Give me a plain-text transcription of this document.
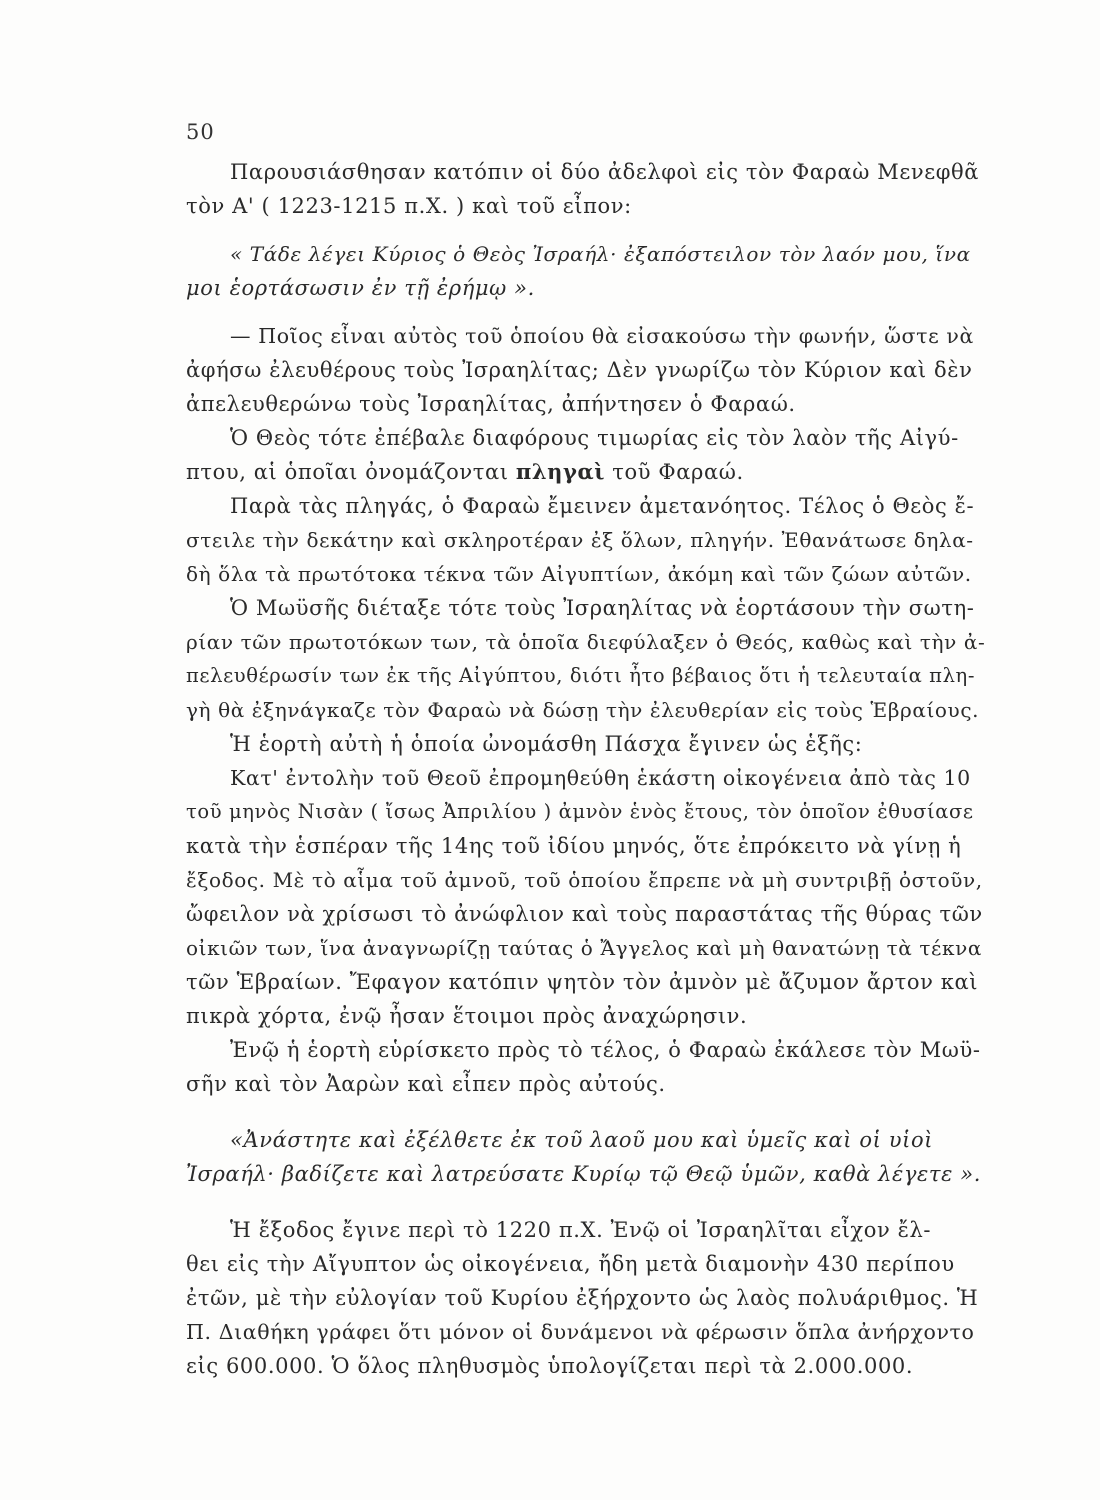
50
Παρουσιάσθησαν κατόπιν οἱ δύο ἀδελφοὶ εἰς τὸν Φαραὼ Μενεφθᾶ
τὸν Α' ( 1223-1215 π.Χ. ) καὶ τοῦ εἶπον:
« Τάδε λέγει Κύριος ὁ Θεὸς Ἰσραήλ· ἐξαπόστειλον τὸν λαόν μου, ἵνα
μοι ἑορτάσωσιν ἐν τῇ ἐρήμῳ ».
— Ποῖος εἶναι αὐτὸς τοῦ ὁποίου θὰ εἰσακούσω τὴν φωνήν, ὥστε νὰ
ἀφήσω ἐλευθέρους τοὺς Ἰσραηλίτας; Δὲν γνωρίζω τὸν Κύριον καὶ δὲν
ἀπελευθερώνω τοὺς Ἰσραηλίτας, ἀπήντησεν ὁ Φαραώ.
Ὁ Θεὸς τότε ἐπέβαλε διαφόρους τιμωρίας εἰς τὸν λαὸν τῆς Αἰγύ-
πτου, αἱ ὁποῖαι ὀνομάζονται πληγαὶ τοῦ Φαραώ.
Παρὰ τὰς πληγάς, ὁ Φαραὼ ἔμεινεν ἀμετανόητος. Τέλος ὁ Θεὸς ἔ-
στειλε τὴν δεκάτην καὶ σκληροτέραν ἐξ ὅλων, πληγήν. Ἐθανάτωσε δηλα-
δὴ ὅλα τὰ πρωτότοκα τέκνα τῶν Αἰγυπτίων, ἀκόμη καὶ τῶν ζώων αὐτῶν.
Ὁ Μωϋσῆς διέταξε τότε τοὺς Ἰσραηλίτας νὰ ἑορτάσουν τὴν σωτη-
ρίαν τῶν πρωτοτόκων των, τὰ ὁποῖα διεφύλαξεν ὁ Θεός, καθὼς καὶ τὴν ἀ-
πελευθέρωσίν των ἐκ τῆς Αἰγύπτου, διότι ἦτο βέβαιος ὅτι ἡ τελευταία πλη-
γὴ θὰ ἐξηνάγκαζε τὸν Φαραὼ νὰ δώσῃ τὴν ἐλευθερίαν εἰς τοὺς Ἑβραίους.
Ἡ ἑορτὴ αὐτὴ ἡ ὁποία ὠνομάσθη Πάσχα ἔγινεν ὡς ἑξῆς:
Κατ' ἐντολὴν τοῦ Θεοῦ ἐπρομηθεύθη ἑκάστη οἰκογένεια ἀπὸ τὰς 10
τοῦ μηνὸς Νισὰν ( ἴσως Ἀπριλίου ) ἀμνὸν ἑνὸς ἔτους, τὸν ὁποῖον ἐθυσίασε
κατὰ τὴν ἑσπέραν τῆς 14ης τοῦ ἰδίου μηνός, ὅτε ἐπρόκειτο νὰ γίνῃ ἡ
ἔξοδος. Μὲ τὸ αἷμα τοῦ ἀμνοῦ, τοῦ ὁποίου ἔπρεπε νὰ μὴ συντριβῇ ὀστοῦν,
ὤφειλον νὰ χρίσωσι τὸ ἀνώφλιον καὶ τοὺς παραστάτας τῆς θύρας τῶν
οἰκιῶν των, ἵνα ἀναγνωρίζῃ ταύτας ὁ Ἄγγελος καὶ μὴ θανατώνῃ τὰ τέκνα
τῶν Ἑβραίων. Ἔφαγον κατόπιν ψητὸν τὸν ἀμνὸν μὲ ἄζυμον ἄρτον καὶ
πικρὰ χόρτα, ἐνῷ ἦσαν ἕτοιμοι πρὸς ἀναχώρησιν.
Ἐνῷ ἡ ἑορτὴ εὑρίσκετο πρὸς τὸ τέλος, ὁ Φαραὼ ἐκάλεσε τὸν Μωϋ-
σῆν καὶ τὸν Ἀαρὼν καὶ εἶπεν πρὸς αὐτούς.
«Ἀνάστητε καὶ ἐξέλθετε ἐκ τοῦ λαοῦ μου καὶ ὑμεῖς καὶ οἱ υἱοὶ
Ἰσραήλ· βαδίζετε καὶ λατρεύσατε Κυρίῳ τῷ Θεῷ ὑμῶν, καθὰ λέγετε ».
Ἡ ἔξοδος ἔγινε περὶ τὸ 1220 π.Χ. Ἐνῷ οἱ Ἰσραηλῖται εἶχον ἔλ-
θει εἰς τὴν Αἴγυπτον ὡς οἰκογένεια, ἤδη μετὰ διαμονὴν 430 περίπου
ἐτῶν, μὲ τὴν εὐλογίαν τοῦ Κυρίου ἐξήρχοντο ὡς λαὸς πολυάριθμος. Ἡ
Π. Διαθήκη γράφει ὅτι μόνον οἱ δυνάμενοι νὰ φέρωσιν ὅπλα ἀνήρχοντο
εἰς 600.000. Ὁ ὅλος πληθυσμὸς ὑπολογίζεται περὶ τὰ 2.000.000.
